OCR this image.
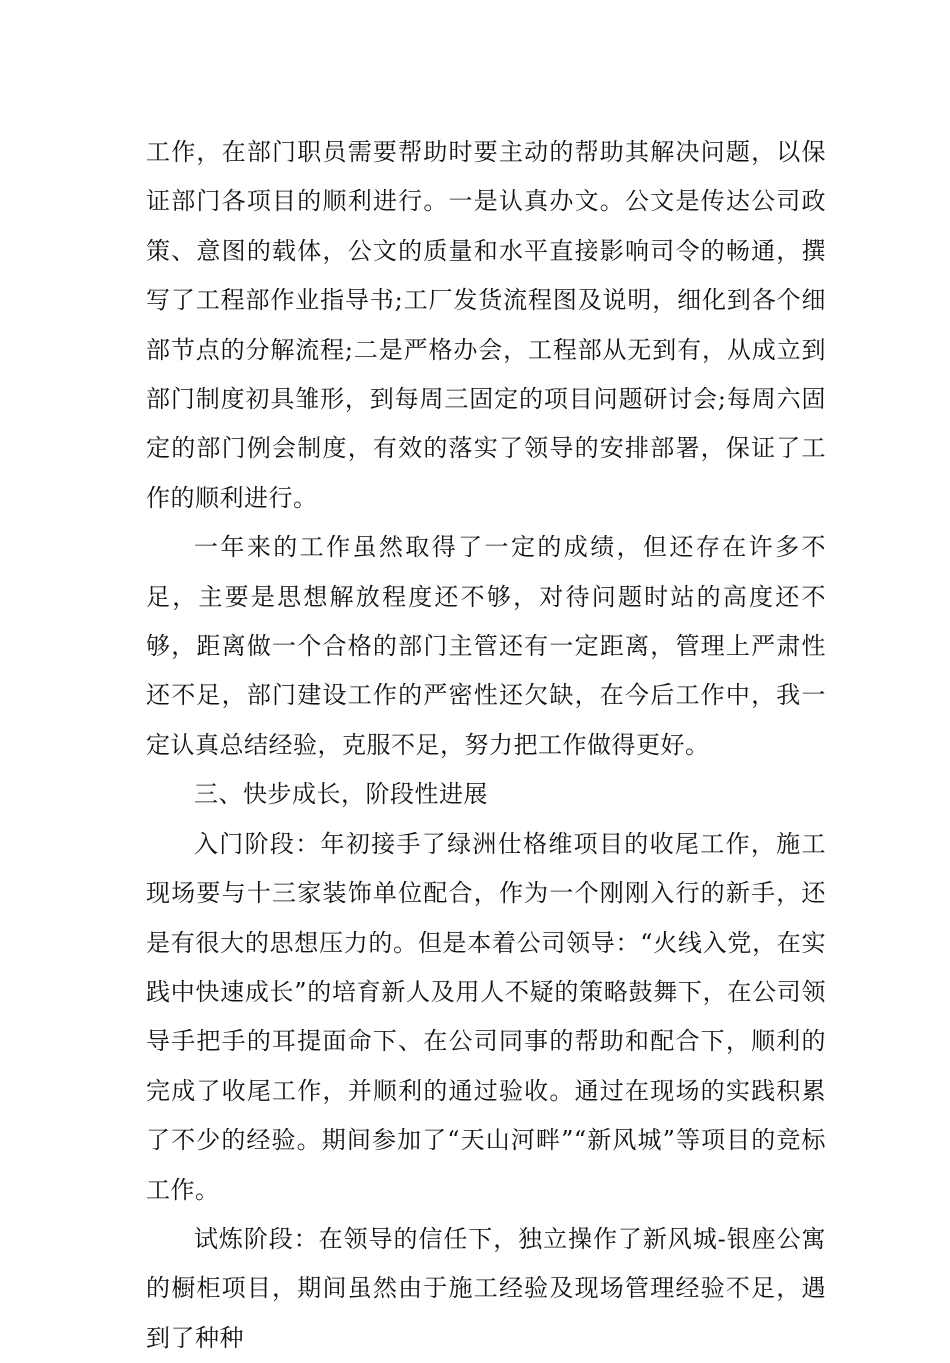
工作，在部门职员需要帮助时要主动的帮助其解决问题，以保证部门各项目的顺利进行。一是认真办文。公文是传达公司政策、意图的载体，公文的质量和水平直接影响司令的畅通，撰写了工程部作业指导书;工厂发货流程图及说明，细化到各个细部节点的分解流程;二是严格办会，工程部从无到有，从成立到部门制度初具雏形，到每周三固定的项目问题研讨会;每周六固定的部门例会制度，有效的落实了领导的安排部署，保证了工作的顺利进行。

一年来的工作虽然取得了一定的成绩，但还存在许多不足，主要是思想解放程度还不够，对待问题时站的高度还不够，距离做一个合格的部门主管还有一定距离，管理上严肃性还不足，部门建设工作的严密性还欠缺，在今后工作中，我一定认真总结经验，克服不足，努力把工作做得更好。

三、快步成长，阶段性进展

入门阶段：年初接手了绿洲仕格维项目的收尾工作，施工现场要与十三家装饰单位配合，作为一个刚刚入行的新手，还是有很大的思想压力的。但是本着公司领导：“火线入党，在实践中快速成长”的培育新人及用人不疑的策略鼓舞下，在公司领导手把手的耳提面命下、在公司同事的帮助和配合下，顺利的完成了收尾工作，并顺利的通过验收。通过在现场的实践积累了不少的经验。期间参加了“天山河畔”“新风城”等项目的竞标工作。

试炼阶段：在领导的信任下，独立操作了新风城-银座公寓的橱柜项目，期间虽然由于施工经验及现场管理经验不足，遇到了种种
